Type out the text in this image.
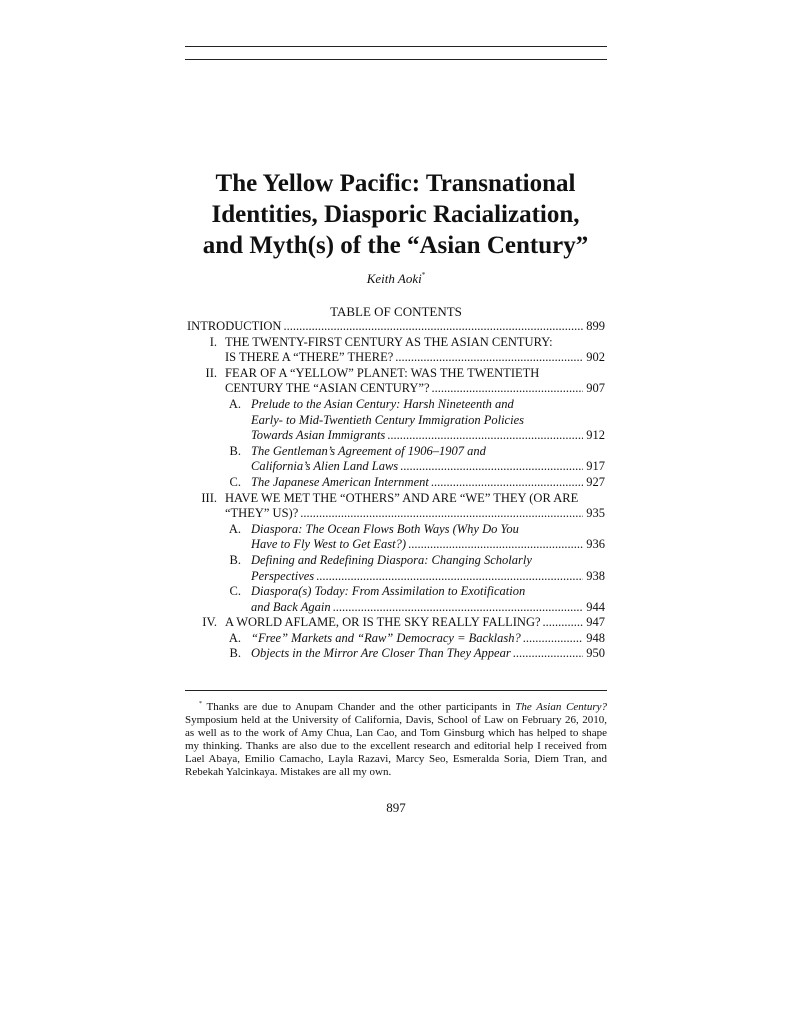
The Yellow Pacific: Transnational
Identities, Diasporic Racialization,
and Myth(s) of the “Asian Century”
Keith Aoki*
TABLE OF CONTENTS
INTRODUCTION .....	899
I. THE TWENTY-FIRST CENTURY AS THE ASIAN CENTURY:
IS THERE A “THERE” THERE? .....	902
II. FEAR OF A “YELLOW” PLANET: WAS THE TWENTIETH
CENTURY THE “ASIAN CENTURY”? .....	907
A. Prelude to the Asian Century: Harsh Nineteenth and
Early- to Mid-Twentieth Century Immigration Policies
Towards Asian Immigrants .....	912
B. The Gentleman’s Agreement of 1906–1907 and
California’s Alien Land Laws .....	917
C. The Japanese American Internment .....	927
III. HAVE WE MET THE “OTHERS” AND ARE “WE” THEY (OR ARE
“THEY” US)? .....	935
A. Diaspora: The Ocean Flows Both Ways (Why Do You
Have to Fly West to Get East?) .....	936
B. Defining and Redefining Diaspora: Changing Scholarly
Perspectives .....	938
C. Diaspora(s) Today: From Assimilation to Exotification
and Back Again .....	944
IV. A WORLD AFLAME, OR IS THE SKY REALLY FALLING? .....	947
A. “Free” Markets and “Raw” Democracy = Backlash? .....	948
B. Objects in the Mirror Are Closer Than They Appear .....	950

* Thanks are due to Anupam Chander and the other participants in The Asian Century? Symposium held at the University of California, Davis, School of Law on February 26, 2010, as well as to the work of Amy Chua, Lan Cao, and Tom Ginsburg which has helped to shape my thinking. Thanks are also due to the excellent research and editorial help I received from Lael Abaya, Emilio Camacho, Layla Razavi, Marcy Seo, Esmeralda Soria, Diem Tran, and Rebekah Yalcinkaya. Mistakes are all my own.

897
